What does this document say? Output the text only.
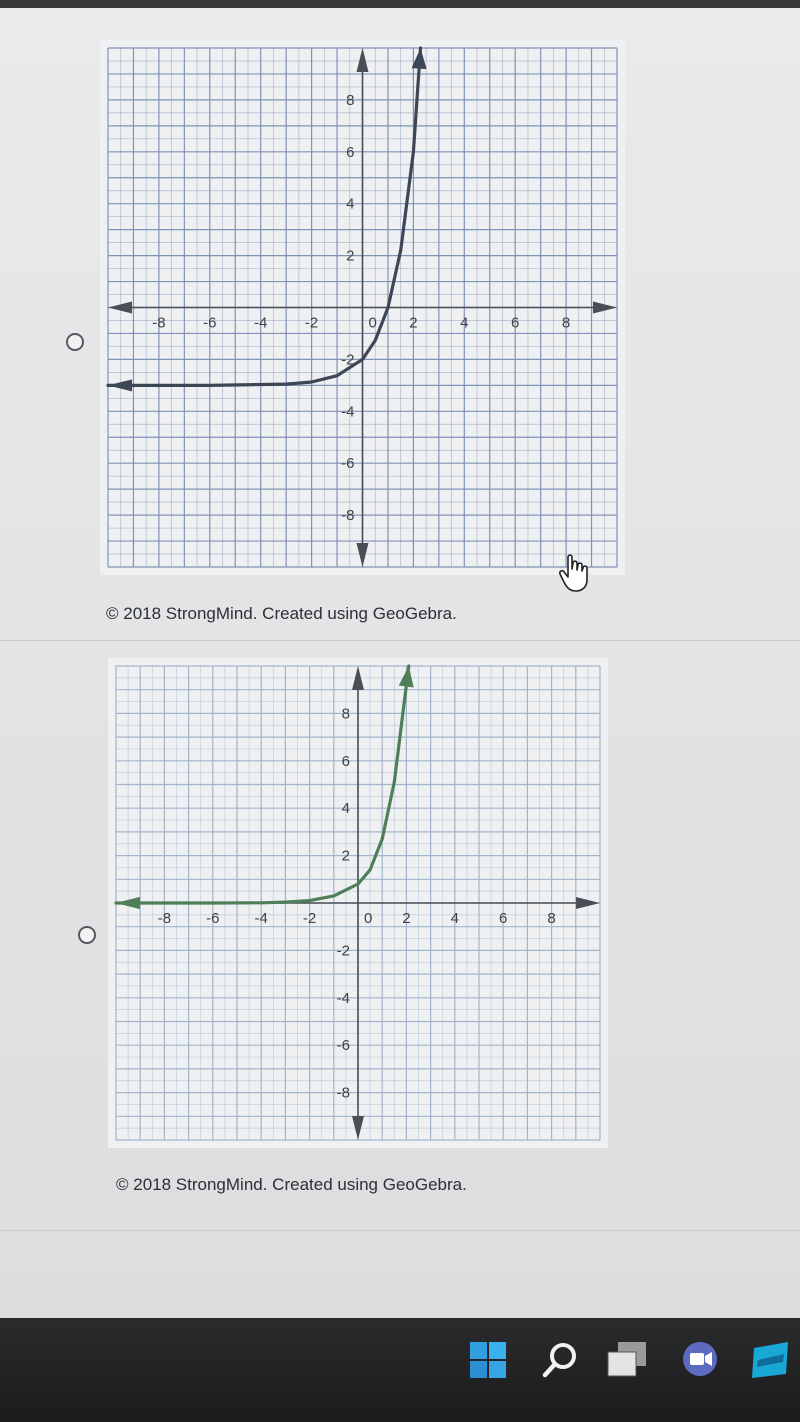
-8	-6	-4	-2	2	4	6	8
8
6
4
2
-2
-4
-6
-8
0
© 2018 StrongMind. Created using GeoGebra.
-8 -6 -4 -2	2	4	6	8
8
6
4
2
-2
-4
-6
-8
0
© 2018 StrongMind. Created using GeoGebra.
